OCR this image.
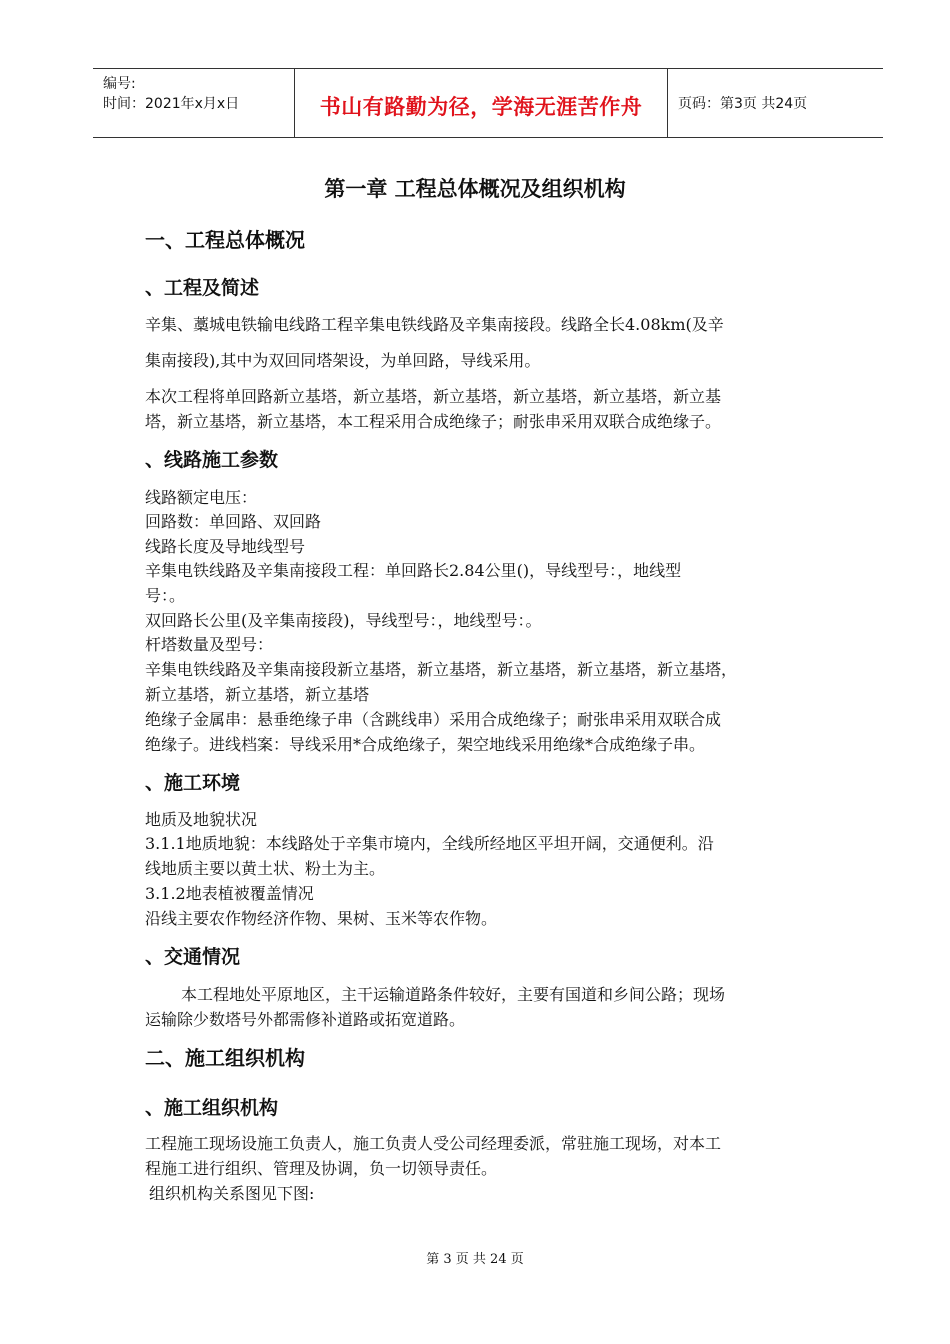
编号:
时间：2021年x月x日	书山有路勤为径，学海无涯苦作舟	页码：第3页 共24页
第一章 工程总体概况及组织机构
一、工程总体概况
、工程及简述
辛集、藁城电铁输电线路工程辛集电铁线路及辛集南接段。线路全长4.08km(及辛
集南接段),其中为双回同塔架设，为单回路，导线采用。
本次工程将单回路新立基塔，新立基塔，新立基塔，新立基塔，新立基塔，新立基
塔，新立基塔，新立基塔，本工程采用合成绝缘子；耐张串采用双联合成绝缘子。
、线路施工参数
线路额定电压：
回路数：单回路、双回路
线路长度及导地线型号
辛集电铁线路及辛集南接段工程：单回路长2.84公里()，导线型号：，地线型
号：。
双回路长公里(及辛集南接段)，导线型号：，地线型号：。
杆塔数量及型号：
辛集电铁线路及辛集南接段新立基塔，新立基塔，新立基塔，新立基塔，新立基塔，
新立基塔，新立基塔，新立基塔
绝缘子金属串：悬垂绝缘子串（含跳线串）采用合成绝缘子；耐张串采用双联合成
绝缘子。进线档案：导线采用*合成绝缘子，架空地线采用绝缘*合成绝缘子串。
、施工环境
地质及地貌状况
3.1.1地质地貌：本线路处于辛集市境内，全线所经地区平坦开阔，交通便利。沿
线地质主要以黄土状、粉土为主。
3.1.2地表植被覆盖情况
沿线主要农作物经济作物、果树、玉米等农作物。
、交通情况
本工程地处平原地区，主干运输道路条件较好，主要有国道和乡间公路；现场
运输除少数塔号外都需修补道路或拓宽道路。
二、施工组织机构
、施工组织机构
工程施工现场设施工负责人，施工负责人受公司经理委派，常驻施工现场，对本工
程施工进行组织、管理及协调，负一切领导责任。
组织机构关系图见下图:
第 3 页 共 24 页
